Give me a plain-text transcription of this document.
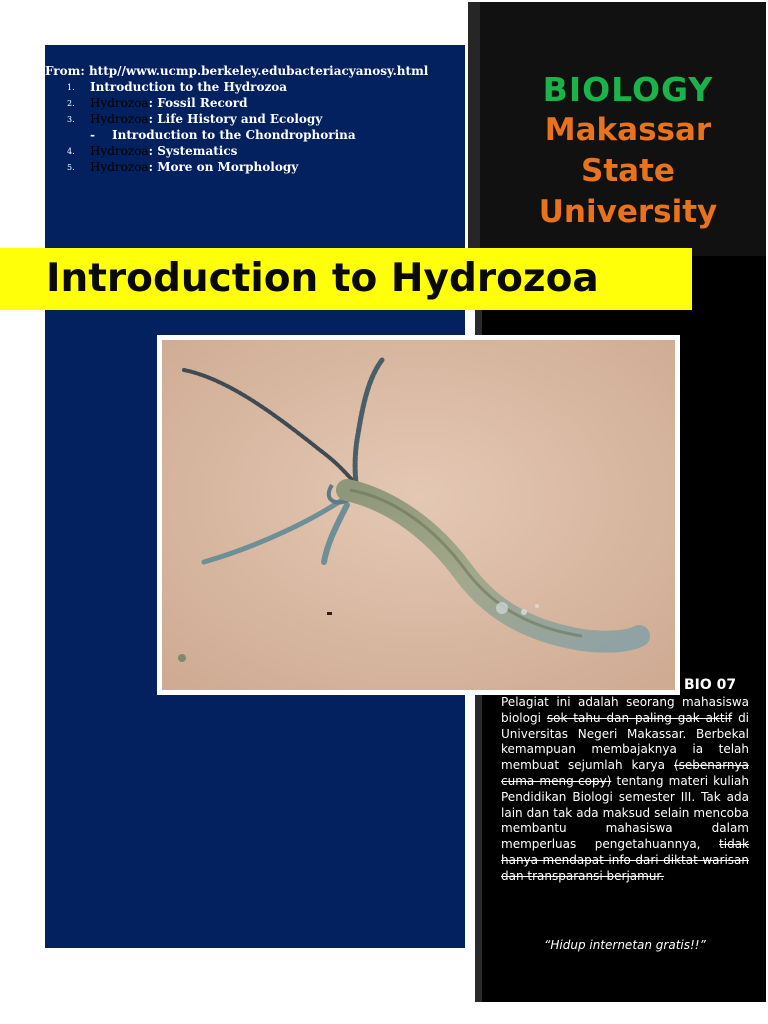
From: http//www.ucmp.berkeley.edubacteriacyanosy.html

1. Introduction to the Hydrozoa
2. Hydrozoa: Fossil Record
3. Hydrozoa: Life History and Ecology
- Introduction to the Chondrophorina
4. Hydrozoa: Systematics
5. Hydrozoa: More on Morphology
BIOLOGY
Makassar
State
University
Introduction to Hydrozoa
BIO 07
Pelagiat ini adalah seorang mahasiswa biologi sok tahu dan paling gak aktif di Universitas Negeri Makassar. Berbekal kemampuan membajaknya ia telah membuat sejumlah karya (sebenarnya cuma meng-copy) tentang materi kuliah Pendidikan Biologi semester III. Tak ada lain dan tak ada maksud selain mencoba membantu mahasiswa dalam memperluas pengetahuannya, tidak hanya mendapat info dari diktat warisan dan transparansi berjamur.
“Hidup internetan gratis!!”
